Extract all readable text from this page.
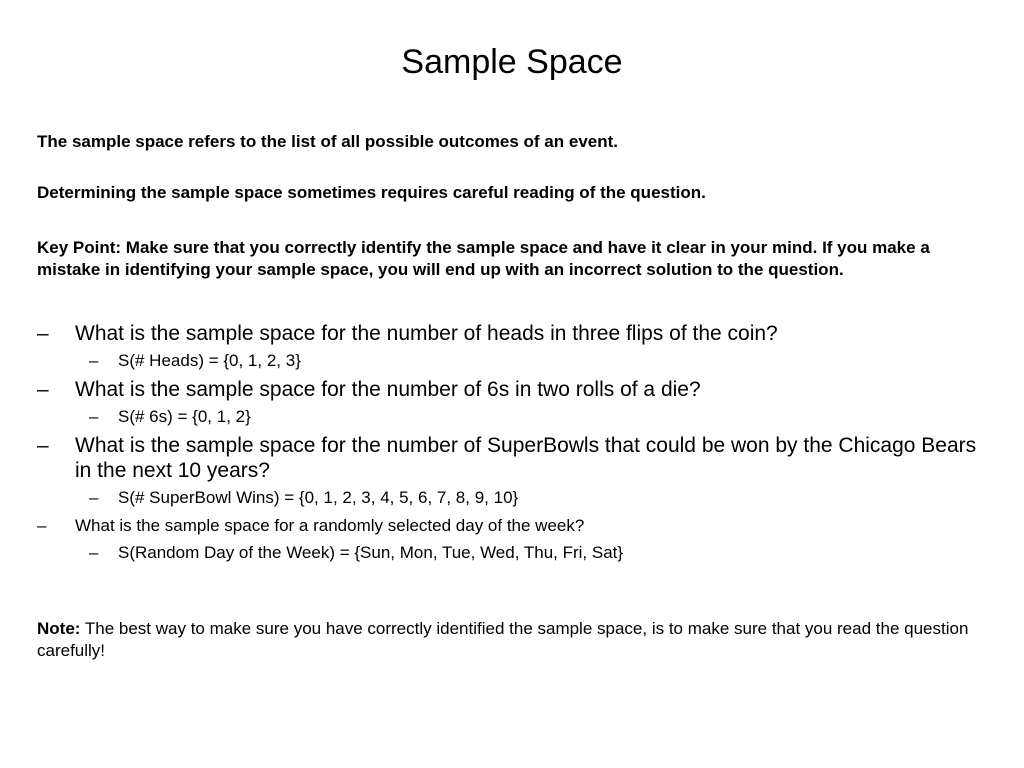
Sample Space
The sample space refers to the list of all possible outcomes of an event.
Determining the sample space sometimes requires careful reading of the question.
Key Point: Make sure that you correctly identify the sample space and have it clear in your mind. If you make a mistake in identifying your sample space, you will end up with an incorrect solution to the question.
– What is the sample space for the number of heads in three flips of the coin?
– S(# Heads) = {0, 1, 2, 3}
– What is the sample space for the number of 6s in two rolls of a die?
– S(# 6s) = {0, 1, 2}
– What is the sample space for the number of SuperBowls that could be won by the Chicago Bears in the next 10 years?
– S(# SuperBowl Wins) = {0, 1, 2, 3, 4, 5, 6, 7, 8, 9, 10}
– What is the sample space for a randomly selected day of the week?
– S(Random Day of the Week) = {Sun, Mon, Tue, Wed, Thu, Fri, Sat}
Note: The best way to make sure you have correctly identified the sample space, is to make sure that you read the question carefully!
